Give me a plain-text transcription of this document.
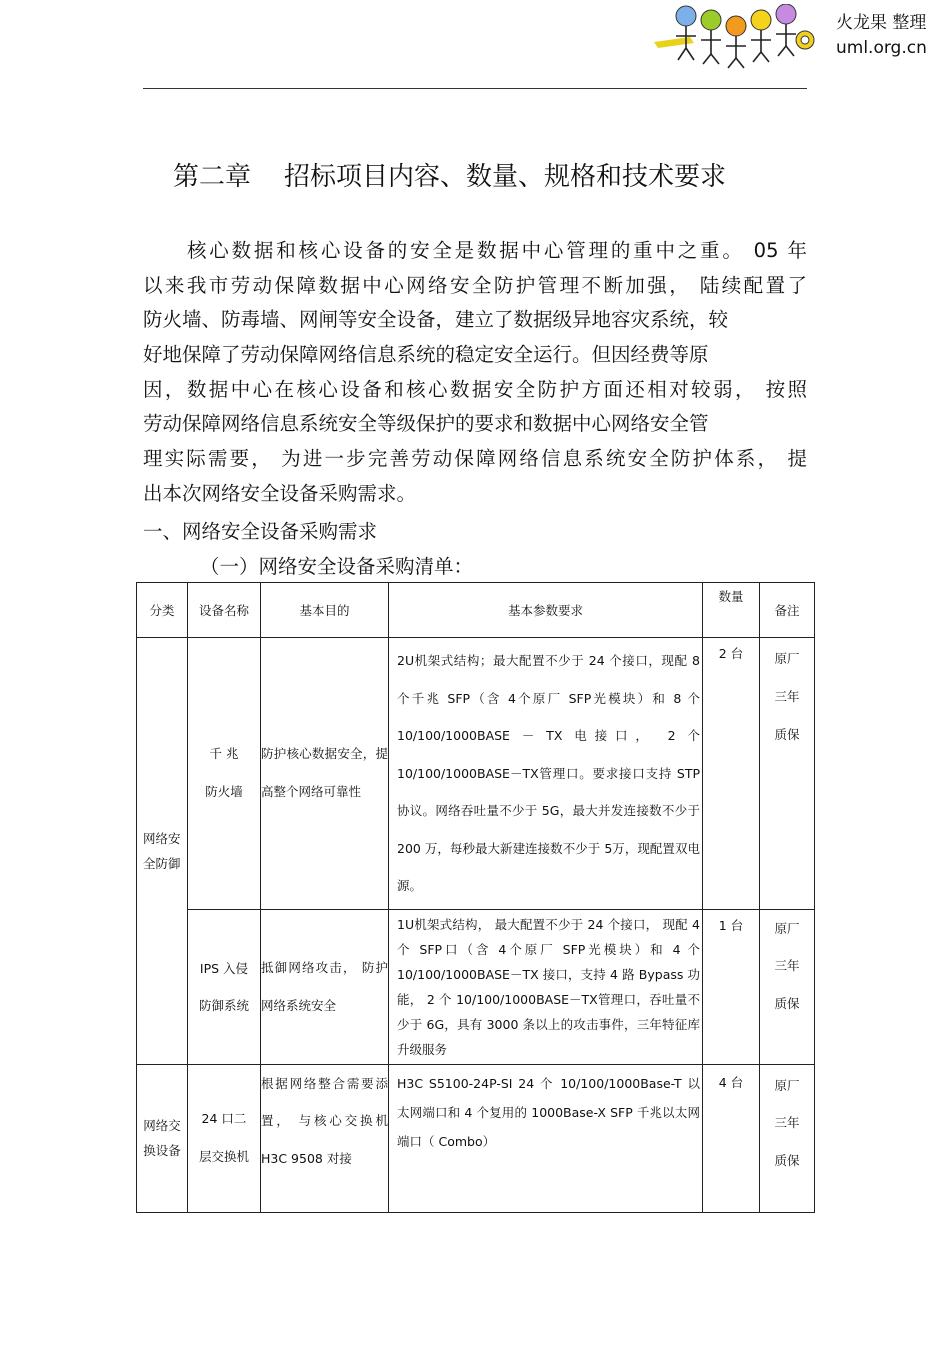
火龙果 整理
uml.org.cn
第二章    招标项目内容、数量、规格和技术要求
核心数据和核心设备的安全是数据中心管理的重中之重。 05 年
以来我市劳动保障数据中心网络安全防护管理不断加强， 陆续配置了
防火墙、防毒墙、网闸等安全设备，建立了数据级异地容灾系统，较
好地保障了劳动保障网络信息系统的稳定安全运行。但因经费等原
因，数据中心在核心设备和核心数据安全防护方面还相对较弱， 按照
劳动保障网络信息系统安全等级保护的要求和数据中心网络安全管
理实际需要， 为进一步完善劳动保障网络信息系统安全防护体系， 提
出本次网络安全设备采购需求。
一、网络安全设备采购需求
（一）网络安全设备采购清单：
分类	设备名称	基本目的	基本参数要求	数量	备注
网络安全防御	千 兆 防火墙	防护核心数据安全，提高整个网络可靠性	2U机架式结构；最大配置不少于 24 个接口，现配 8 个千兆 SFP（含 4个原厂 SFP光模块）和 8 个 10/100/1000BASE － TX 电接口， 2 个 10/100/1000BASE－TX管理口。要求接口支持 STP 协议。网络吞吐量不少于 5G，最大并发连接数不少于 200 万，每秒最大新建连接数不少于 5万，现配置双电源。	2 台	原厂三年质保
	IPS 入侵防御系统	抵御网络攻击， 防护网络系统安全	1U机架式结构， 最大配置不少于 24 个接口， 现配 4 个 SFP口（含 4个原厂 SFP光模块）和 4 个 10/100/1000BASE－TX 接口，支持 4 路 Bypass 功能， 2 个 10/100/1000BASE－TX管理口，吞吐量不少于 6G，具有 3000 条以上的攻击事件，三年特征库升级服务	1 台	原厂三年质保
网络交换设备	24 口二层交换机	根据网络整合需要添置， 与核心交换机 H3C 9508 对接	H3C S5100-24P-SI 24 个 10/100/1000Base-T 以太网端口和 4 个复用的 1000Base-X SFP 千兆以太网端口（ Combo）	4 台	原厂三年质保
